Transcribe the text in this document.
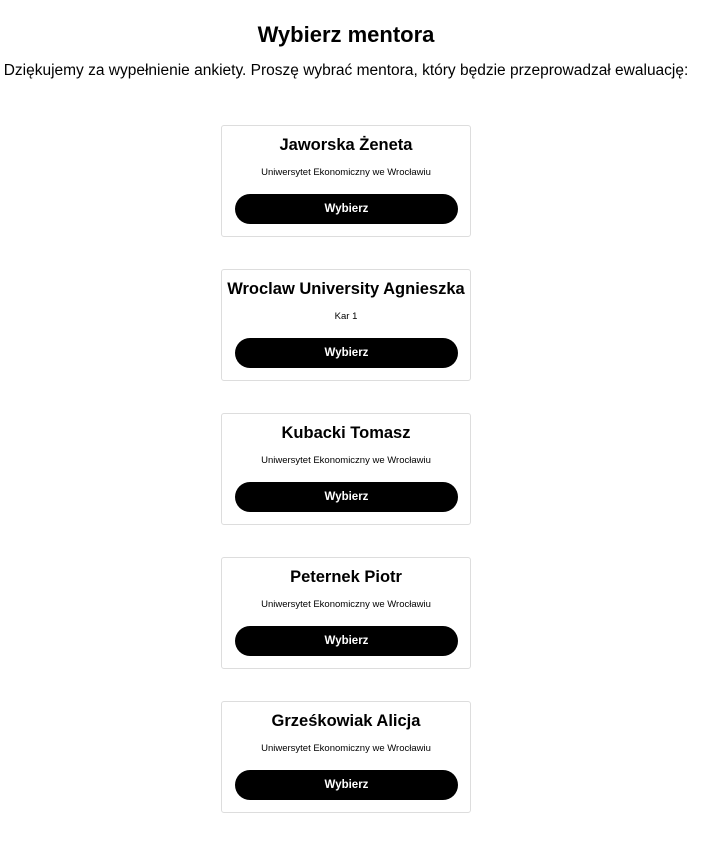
Wybierz mentora

Dziękujemy za wypełnienie ankiety. Proszę wybrać mentora, który będzie przeprowadzał ewaluację:

Jaworska Żeneta
Uniwersytet Ekonomiczny we Wrocławiu
Wybierz
Wroclaw University Agnieszka
Kar 1
Wybierz
Kubacki Tomasz
Uniwersytet Ekonomiczny we Wrocławiu
Wybierz
Peternek Piotr
Uniwersytet Ekonomiczny we Wrocławiu
Wybierz
Grześkowiak Alicja
Uniwersytet Ekonomiczny we Wrocławiu
Wybierz
